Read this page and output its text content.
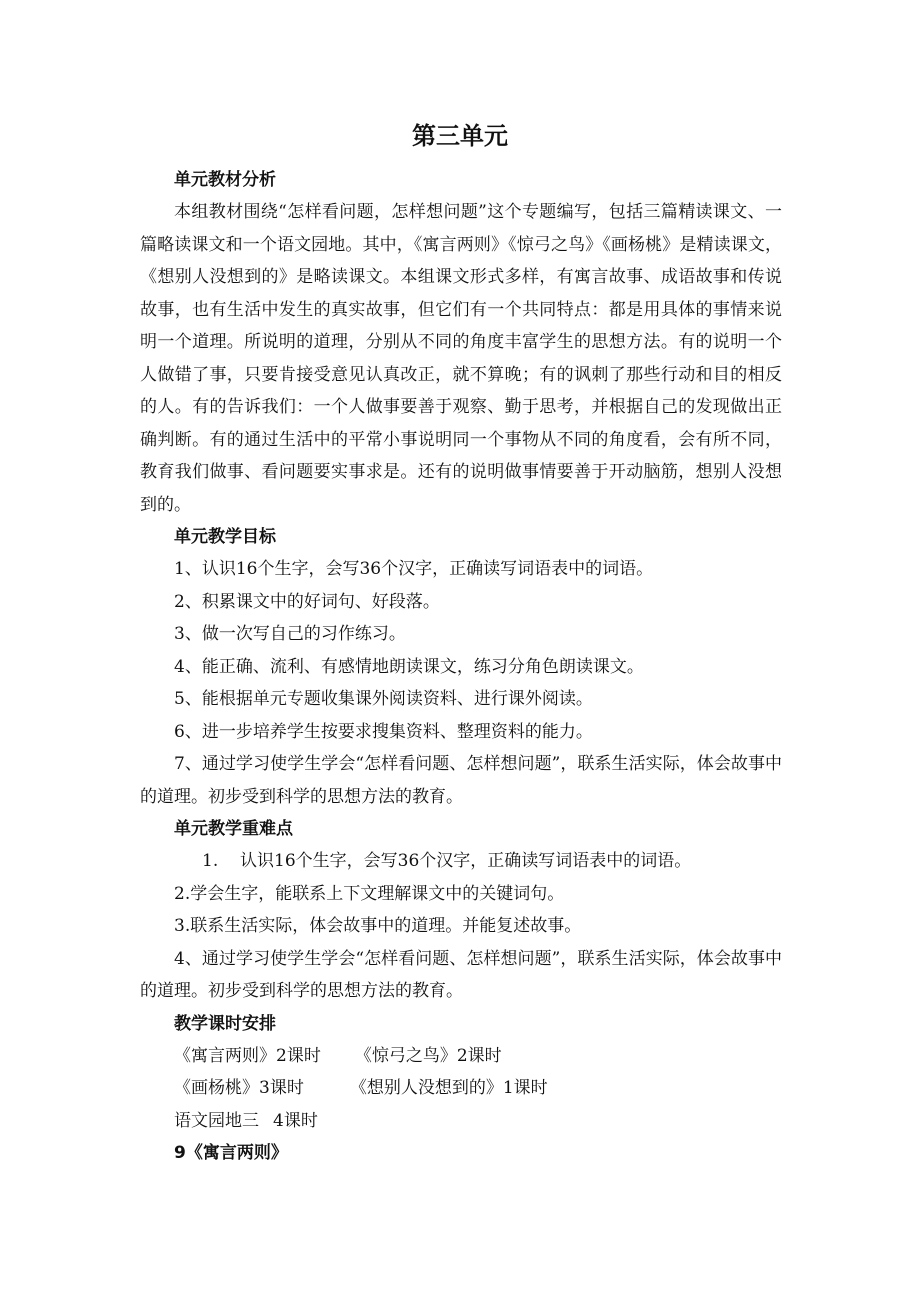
第三单元

单元教材分析

本组教材围绕“怎样看问题，怎样想问题”这个专题编写，包括三篇精读课文、一篇略读课文和一个语文园地。其中，《寓言两则》《惊弓之鸟》《画杨桃》是精读课文，《想别人没想到的》是略读课文。本组课文形式多样，有寓言故事、成语故事和传说故事，也有生活中发生的真实故事，但它们有一个共同特点：都是用具体的事情来说明一个道理。所说明的道理，分别从不同的角度丰富学生的思想方法。有的说明一个人做错了事，只要肯接受意见认真改正，就不算晚；有的讽刺了那些行动和目的相反的人。有的告诉我们：一个人做事要善于观察、勤于思考，并根据自己的发现做出正确判断。有的通过生活中的平常小事说明同一个事物从不同的角度看，会有所不同，教育我们做事、看问题要实事求是。还有的说明做事情要善于开动脑筋，想别人没想到的。

单元教学目标

1、认识16个生字，会写36个汉字，正确读写词语表中的词语。

2、积累课文中的好词句、好段落。

3、做一次写自己的习作练习。

4、能正确、流利、有感情地朗读课文，练习分角色朗读课文。

5、能根据单元专题收集课外阅读资料、进行课外阅读。

6、进一步培养学生按要求搜集资料、整理资料的能力。

7、通过学习使学生学会“怎样看问题、怎样想问题”，联系生活实际，体会故事中的道理。初步受到科学的思想方法的教育。

单元教学重难点

1. 认识16个生字，会写36个汉字，正确读写词语表中的词语。

2.学会生字，能联系上下文理解课文中的关键词句。

3.联系生活实际，体会故事中的道理。并能复述故事。

4、通过学习使学生学会“怎样看问题、怎样想问题”，联系生活实际，体会故事中的道理。初步受到科学的思想方法的教育。

教学课时安排

《寓言两则》2课时 《惊弓之鸟》2课时

《画杨桃》3课时	《想别人没想到的》1课时

语文园地三 4课时

9《寓言两则》
